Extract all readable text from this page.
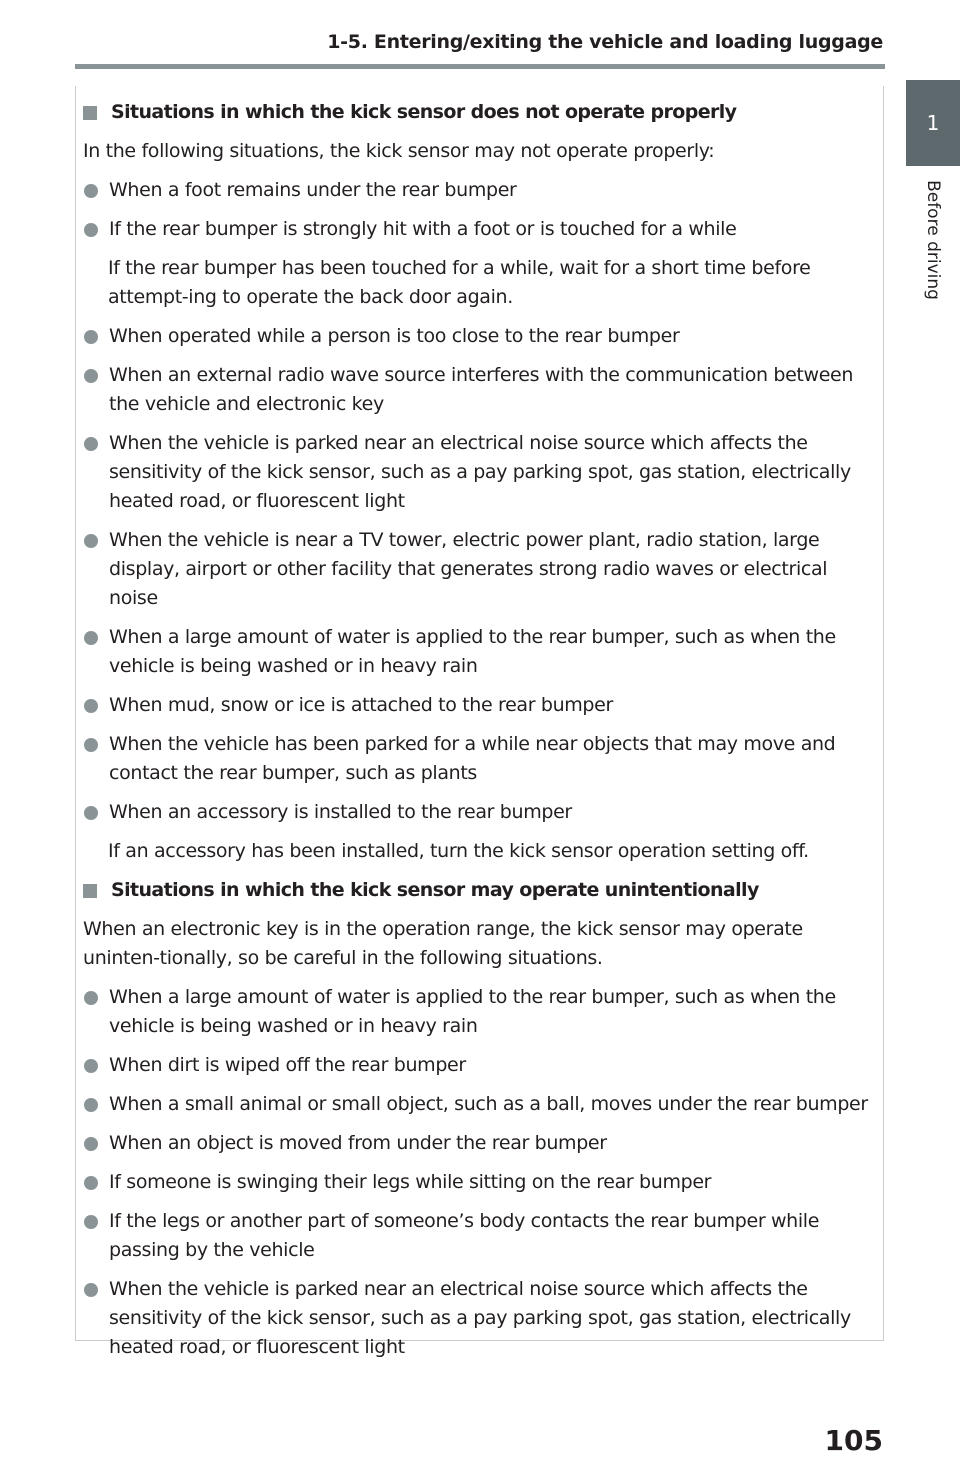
1-5. Entering/exiting the vehicle and loading luggage
1
Before driving
Situations in which the kick sensor does not operate properly
In the following situations, the kick sensor may not operate properly:
When a foot remains under the rear bumper
If the rear bumper is strongly hit with a foot or is touched for a while
If the rear bumper has been touched for a while, wait for a short time before attempt-ing to operate the back door again.
When operated while a person is too close to the rear bumper
When an external radio wave source interferes with the communication between the vehicle and electronic key
When the vehicle is parked near an electrical noise source which affects the sensitivity of the kick sensor, such as a pay parking spot, gas station, electrically heated road, or fluorescent light
When the vehicle is near a TV tower, electric power plant, radio station, large display, airport or other facility that generates strong radio waves or electrical noise
When a large amount of water is applied to the rear bumper, such as when the vehicle is being washed or in heavy rain
When mud, snow or ice is attached to the rear bumper
When the vehicle has been parked for a while near objects that may move and contact the rear bumper, such as plants
When an accessory is installed to the rear bumper
If an accessory has been installed, turn the kick sensor operation setting off.
Situations in which the kick sensor may operate unintentionally
When an electronic key is in the operation range, the kick sensor may operate uninten-tionally, so be careful in the following situations.
When a large amount of water is applied to the rear bumper, such as when the vehicle is being washed or in heavy rain
When dirt is wiped off the rear bumper
When a small animal or small object, such as a ball, moves under the rear bumper
When an object is moved from under the rear bumper
If someone is swinging their legs while sitting on the rear bumper
If the legs or another part of someone’s body contacts the rear bumper while passing by the vehicle
When the vehicle is parked near an electrical noise source which affects the sensitivity of the kick sensor, such as a pay parking spot, gas station, electrically heated road, or fluorescent light
105
